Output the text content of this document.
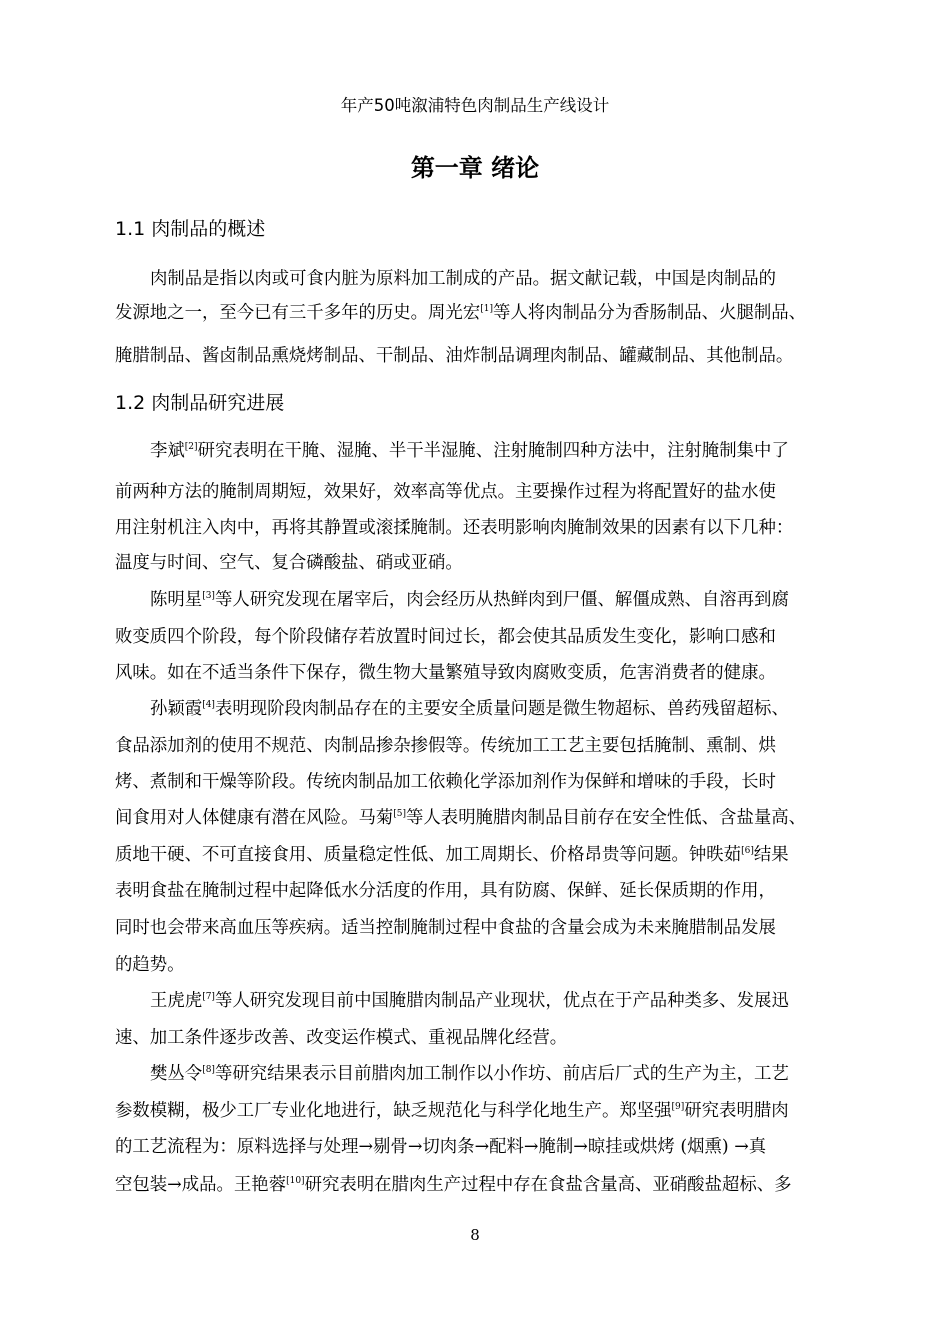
年产50吨溆浦特色肉制品生产线设计
第一章 绪论
1.1 肉制品的概述
肉制品是指以肉或可食内脏为原料加工制成的产品。据文献记载，中国是肉制品的
发源地之一，至今已有三千多年的历史。周光宏[1]等人将肉制品分为香肠制品、火腿制品、
腌腊制品、酱卤制品熏烧烤制品、干制品、油炸制品调理肉制品、罐藏制品、其他制品。
1.2 肉制品研究进展
李斌[2]研究表明在干腌、湿腌、半干半湿腌、注射腌制四种方法中，注射腌制集中了
前两种方法的腌制周期短，效果好，效率高等优点。主要操作过程为将配置好的盐水使
用注射机注入肉中，再将其静置或滚揉腌制。还表明影响肉腌制效果的因素有以下几种：
温度与时间、空气、复合磷酸盐、硝或亚硝。
陈明星[3]等人研究发现在屠宰后，肉会经历从热鲜肉到尸僵、解僵成熟、自溶再到腐
败变质四个阶段，每个阶段储存若放置时间过长，都会使其品质发生变化，影响口感和
风味。如在不适当条件下保存，微生物大量繁殖导致肉腐败变质，危害消费者的健康。
孙颖霞[4]表明现阶段肉制品存在的主要安全质量问题是微生物超标、兽药残留超标、
食品添加剂的使用不规范、肉制品掺杂掺假等。传统加工工艺主要包括腌制、熏制、烘
烤、煮制和干燥等阶段。传统肉制品加工依赖化学添加剂作为保鲜和增味的手段，长时
间食用对人体健康有潜在风险。马菊[5]等人表明腌腊肉制品目前存在安全性低、含盐量高、
质地干硬、不可直接食用、质量稳定性低、加工周期长、价格昂贵等问题。钟昳茹[6]结果
表明食盐在腌制过程中起降低水分活度的作用，具有防腐、保鲜、延长保质期的作用，
同时也会带来高血压等疾病。适当控制腌制过程中食盐的含量会成为未来腌腊制品发展
的趋势。
王虎虎[7]等人研究发现目前中国腌腊肉制品产业现状，优点在于产品种类多、发展迅
速、加工条件逐步改善、改变运作模式、重视品牌化经营。
樊丛令[8]等研究结果表示目前腊肉加工制作以小作坊、前店后厂式的生产为主，工艺
参数模糊，极少工厂专业化地进行，缺乏规范化与科学化地生产。郑坚强[9]研究表明腊肉
的工艺流程为：原料选择与处理→剔骨→切肉条→配料→腌制→晾挂或烘烤 (烟熏) →真
空包装→成品。王艳蓉[10]研究表明在腊肉生产过程中存在食盐含量高、亚硝酸盐超标、多
8
